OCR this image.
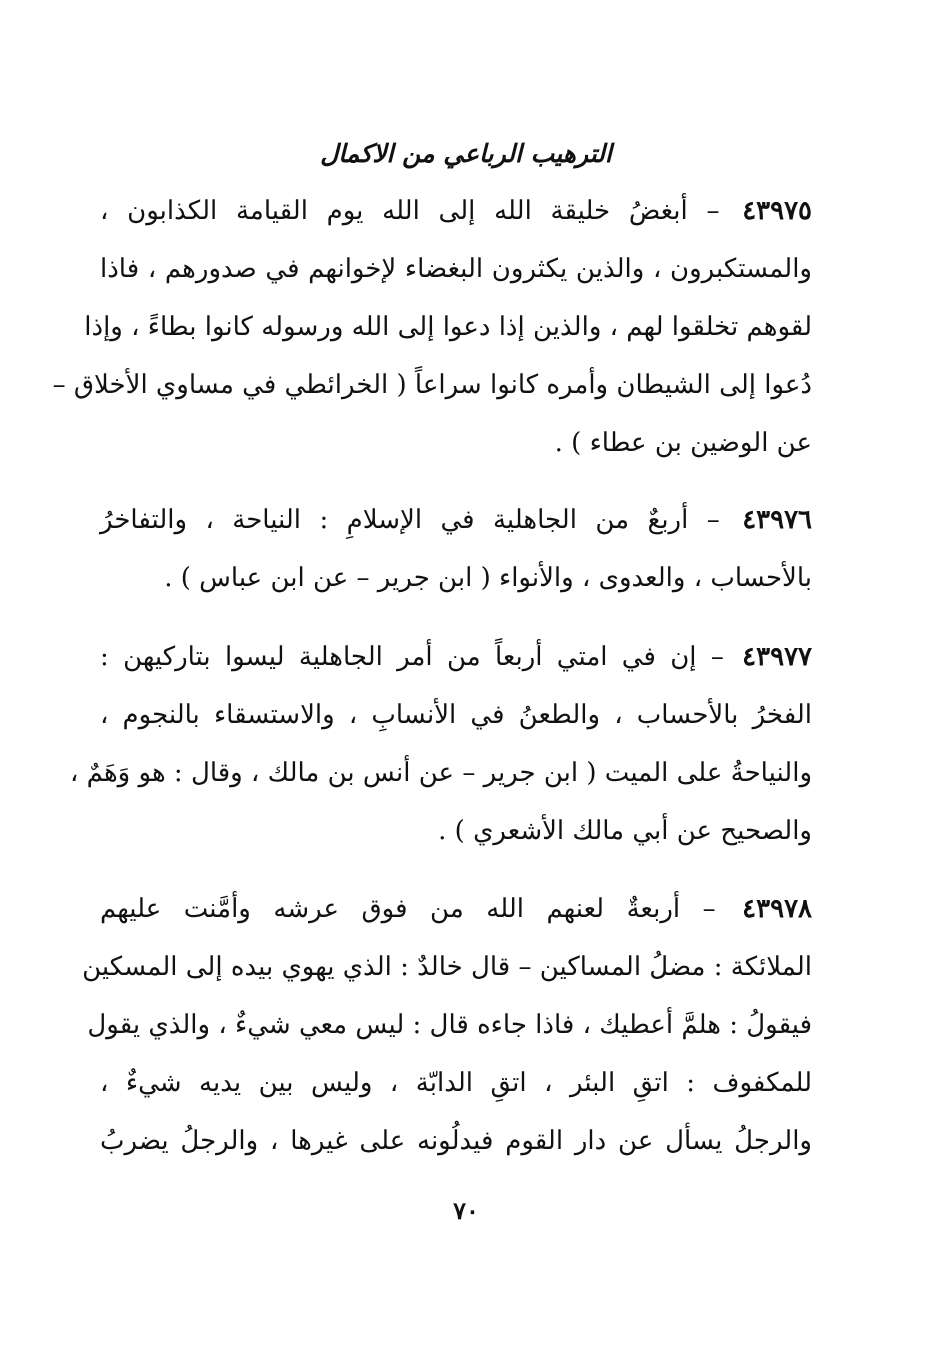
الترهيب الرباعي من الاكمال
٤٣٩٧٥ – أبغضُ خليقة الله إلى الله يوم القيامة الكذابون ،
والمستكبرون ، والذين يكثرون البغضاء لإخوانهم في صدورهم ، فاذا
لقوهم تخلقوا لهم ، والذين إذا دعوا إلى الله ورسوله كانوا بطاءً ، وإذا
دُعوا إلى الشيطان وأمره كانوا سراعاً ( الخرائطي في مساوي الأخلاق –
عن الوضين بن عطاء ) .
٤٣٩٧٦ – أربعٌ من الجاهلية في الإسلامِ : النياحة ، والتفاخرُ
بالأحساب ، والعدوى ، والأنواء ( ابن جرير – عن ابن عباس ) .
٤٣٩٧٧ – إن في امتي أربعاً من أمر الجاهلية ليسوا بتاركيهن :
الفخرُ بالأحساب ، والطعنُ في الأنسابِ ، والاستسقاء بالنجوم ،
والنياحةُ على الميت ( ابن جرير – عن أنس بن مالك ، وقال : هو وَهَمٌ ،
والصحيح عن أبي مالك الأشعري ) .
٤٣٩٧٨ – أربعةٌ لعنهم الله من فوق عرشه وأمَّنت عليهم
الملائكة : مضلُ المساكين – قال خالدٌ : الذي يهوي بيده إلى المسكين
فيقولُ : هلمَّ أعطيك ، فاذا جاءه قال : ليس معي شيءٌ ، والذي يقول
للمكفوف : اتقِ البئر ، اتقِ الدابّة ، وليس بين يديه شيءٌ ،
والرجلُ يسأل عن دار القوم فيدلُونه على غيرها ، والرجلُ يضربُ
٧٠
